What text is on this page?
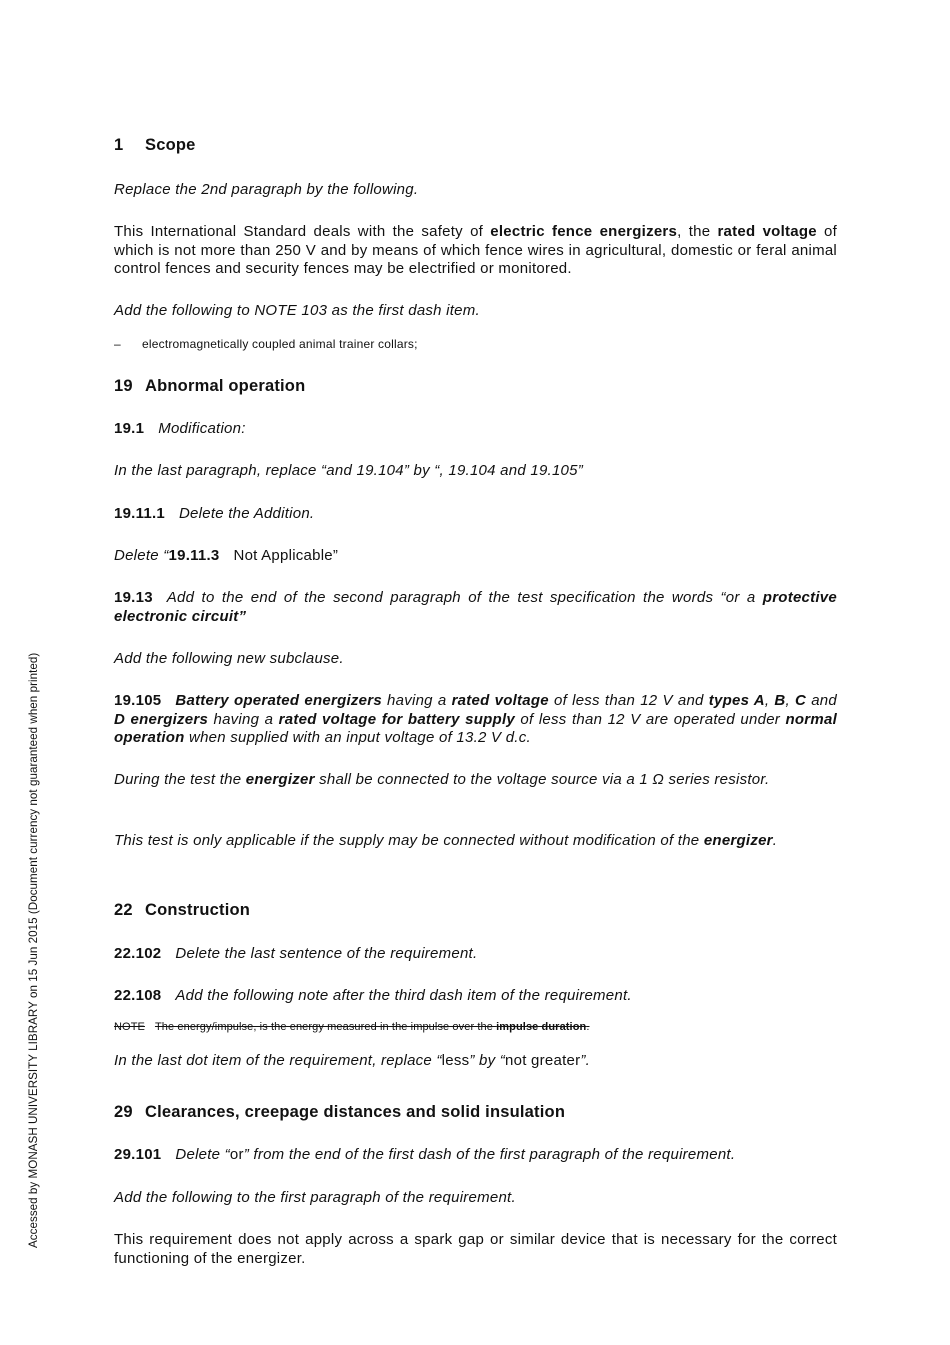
Accessed by MONASH UNIVERSITY LIBRARY on 15 Jun 2015 (Document currency not guaranteed when printed)
1 Scope
Replace the 2nd paragraph by the following.
This International Standard deals with the safety of electric fence energizers, the rated voltage of which is not more than 250 V and by means of which fence wires in agricultural, domestic or feral animal control fences and security fences may be electrified or monitored.
Add the following to NOTE 103 as the first dash item.
– electromagnetically coupled animal trainer collars;
19 Abnormal operation
19.1 Modification:
In the last paragraph, replace “and 19.104” by “, 19.104 and 19.105”
19.11.1 Delete the Addition.
Delete “19.11.3 Not Applicable”
19.13 Add to the end of the second paragraph of the test specification the words “or a protective electronic circuit”
Add the following new subclause.
19.105 Battery operated energizers having a rated voltage of less than 12 V and types A, B, C and D energizers having a rated voltage for battery supply of less than 12 V are operated under normal operation when supplied with an input voltage of 13.2 V d.c.
During the test the energizer shall be connected to the voltage source via a 1 Ω series resistor.
This test is only applicable if the supply may be connected without modification of the energizer.
22 Construction
22.102 Delete the last sentence of the requirement.
22.108 Add the following note after the third dash item of the requirement.
NOTE The energy/impulse, is the energy measured in the impulse over the impulse duration.
In the last dot item of the requirement, replace “less” by “not greater”.
29 Clearances, creepage distances and solid insulation
29.101 Delete “or” from the end of the first dash of the first paragraph of the requirement.
Add the following to the first paragraph of the requirement.
This requirement does not apply across a spark gap or similar device that is necessary for the correct functioning of the energizer.
